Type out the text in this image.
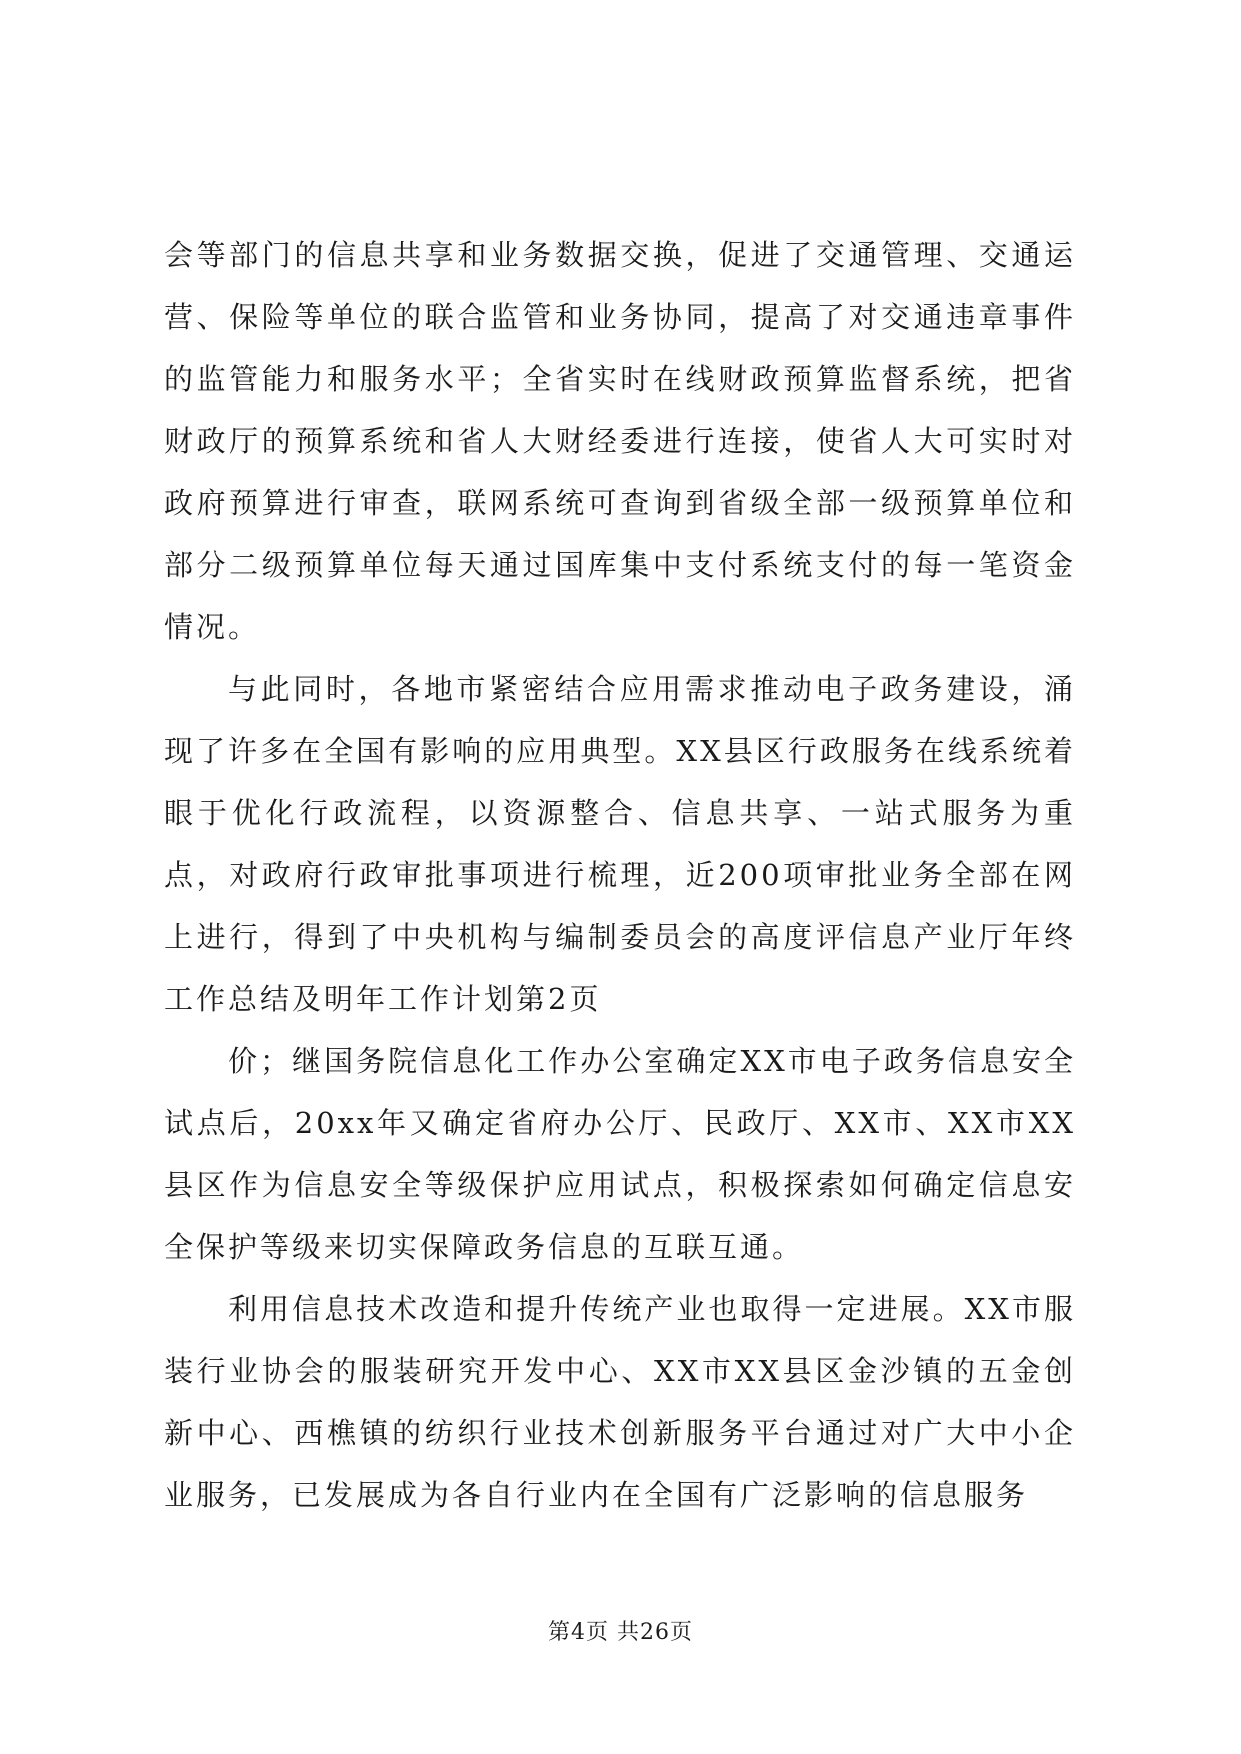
会等部门的信息共享和业务数据交换，促进了交通管理、交通运营、保险等单位的联合监管和业务协同，提高了对交通违章事件的监管能力和服务水平；全省实时在线财政预算监督系统，把省财政厅的预算系统和省人大财经委进行连接，使省人大可实时对政府预算进行审查，联网系统可查询到省级全部一级预算单位和部分二级预算单位每天通过国库集中支付系统支付的每一笔资金情况。

与此同时，各地市紧密结合应用需求推动电子政务建设，涌现了许多在全国有影响的应用典型。XX县区行政服务在线系统着眼于优化行政流程，以资源整合、信息共享、一站式服务为重点，对政府行政审批事项进行梳理，近200项审批业务全部在网上进行，得到了中央机构与编制委员会的高度评信息产业厅年终工作总结及明年工作计划第2页

价；继国务院信息化工作办公室确定XX市电子政务信息安全试点后，20xx年又确定省府办公厅、民政厅、XX市、XX市XX县区作为信息安全等级保护应用试点，积极探索如何确定信息安全保护等级来切实保障政务信息的互联互通。

利用信息技术改造和提升传统产业也取得一定进展。XX市服装行业协会的服装研究开发中心、XX市XX县区金沙镇的五金创新中心、西樵镇的纺织行业技术创新服务平台通过对广大中小企业服务，已发展成为各自行业内在全国有广泛影响的信息服务

第4页 共26页
